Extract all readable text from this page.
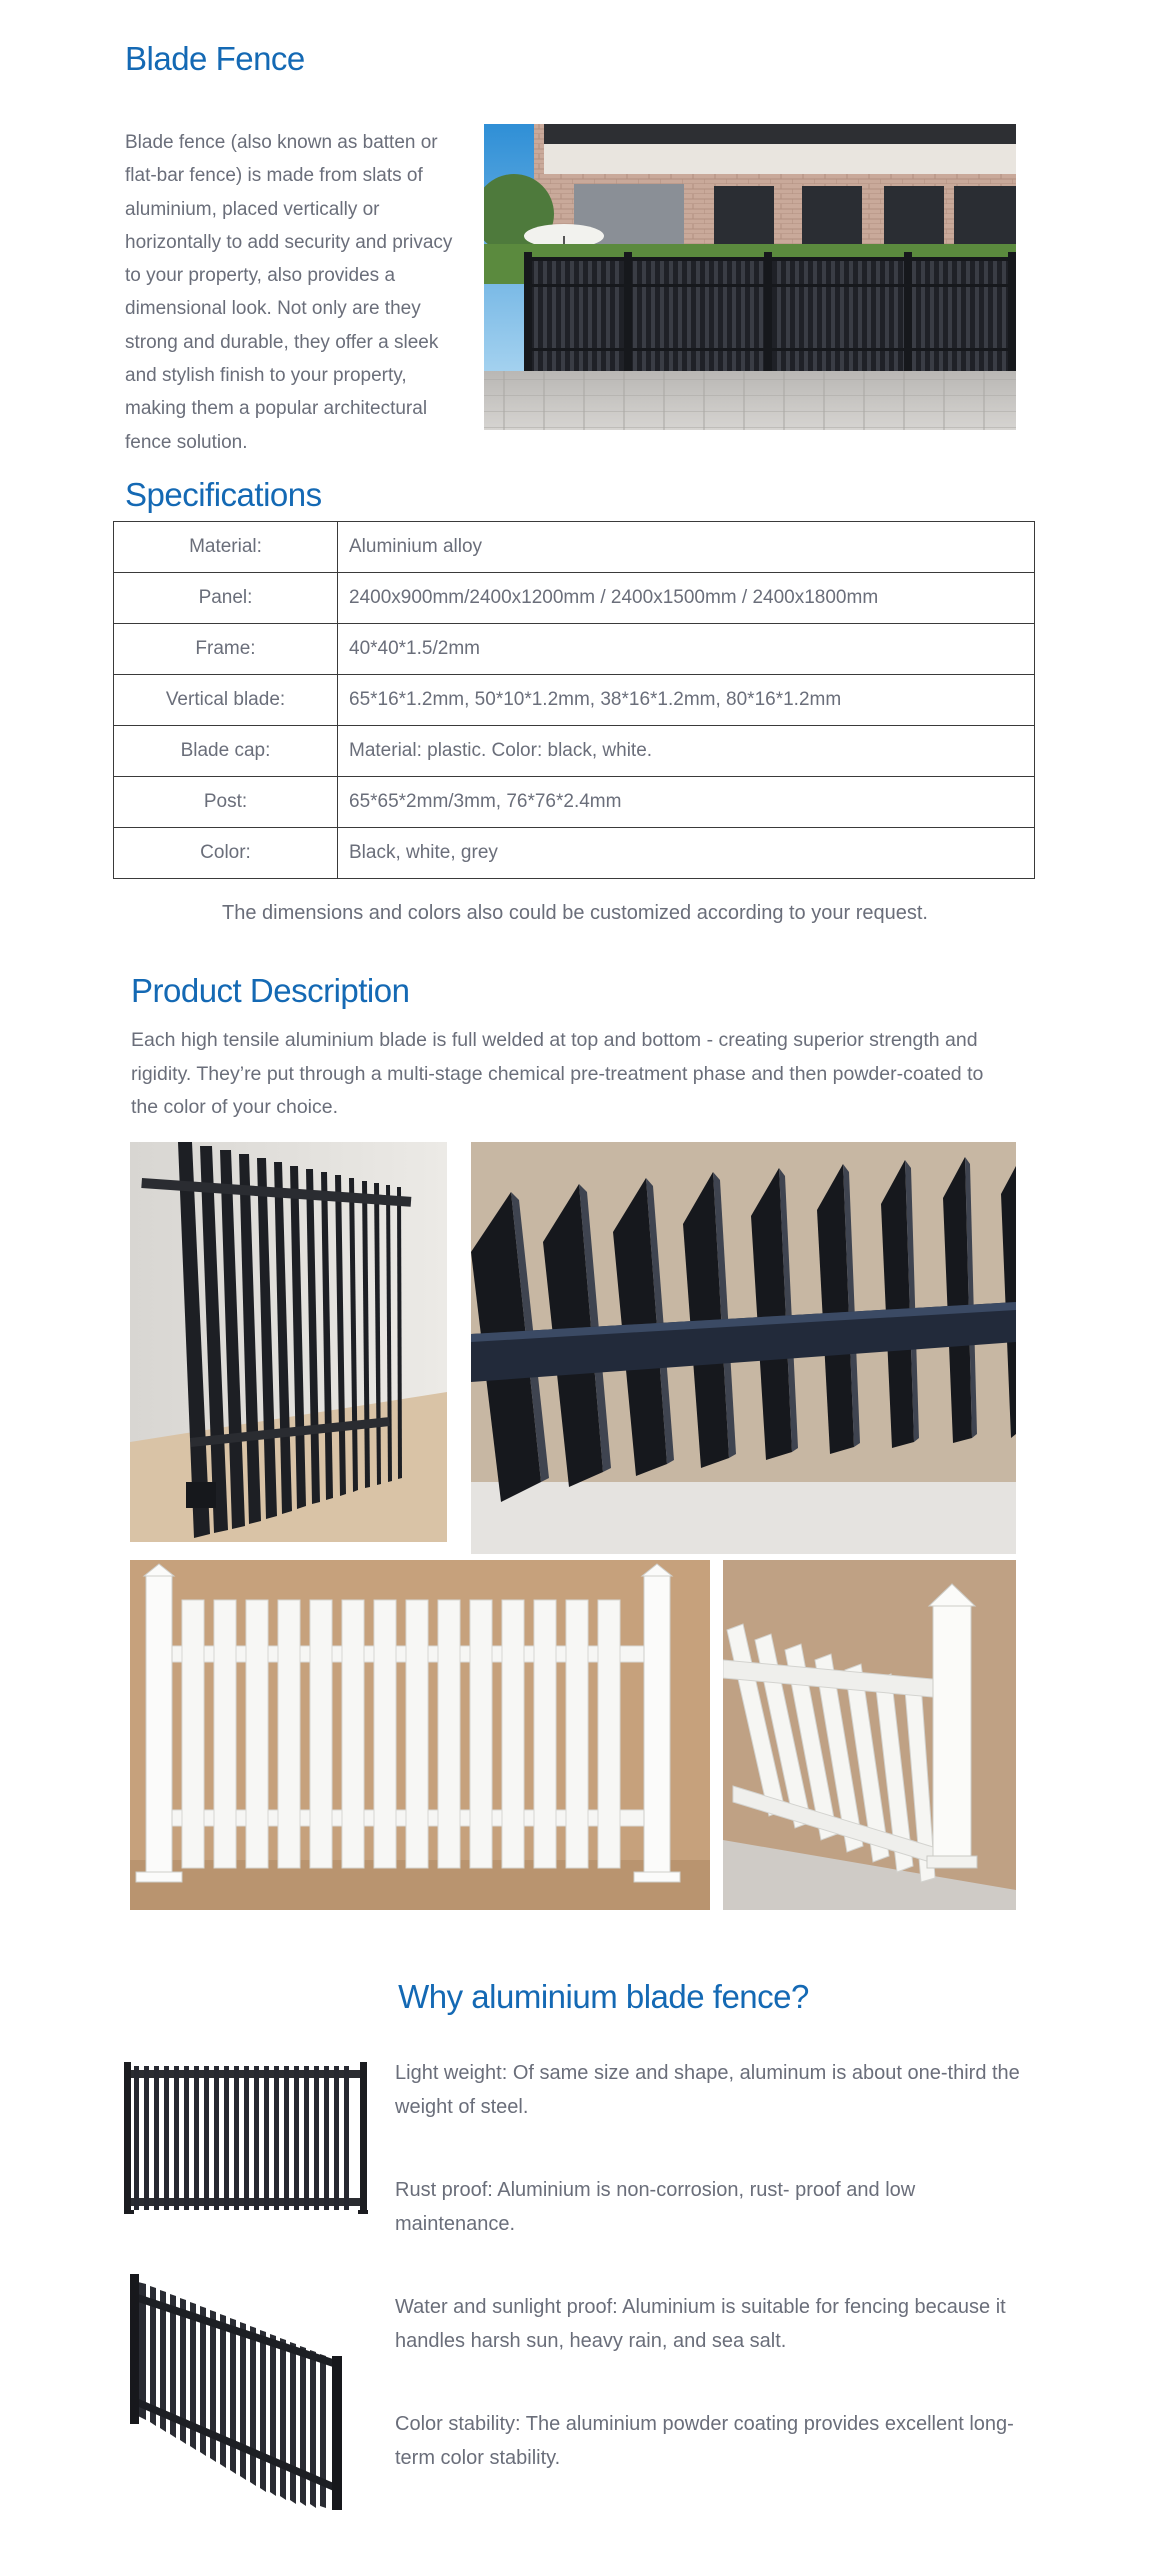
Blade Fence

Blade fence (also known as batten or flat-bar fence) is made from slats of aluminium, placed vertically or horizontally to add security and privacy to your property, also provides a dimensional look. Not only are they strong and durable, they offer a sleek and stylish finish to your property, making them a popular architectural fence solution.

Specifications
Material:	Aluminium alloy
Panel:	2400x900mm/2400x1200mm / 2400x1500mm / 2400x1800mm
Frame:	40*40*1.5/2mm
Vertical blade:	65*16*1.2mm, 50*10*1.2mm, 38*16*1.2mm, 80*16*1.2mm
Blade cap:	Material: plastic. Color: black, white.
Post:	65*65*2mm/3mm, 76*76*2.4mm
Color:	Black, white, grey

The dimensions and colors also could be customized according to your request.

Product Description

Each high tensile aluminium blade is full welded at top and bottom - creating superior strength and rigidity. They’re put through a multi-stage chemical pre-treatment phase and then powder-coated to the color of your choice.

Why aluminium blade fence?

Light weight: Of same size and shape, aluminum is about one-third the weight of steel.

Rust proof: Aluminium is non-corrosion, rust- proof and low maintenance.

Water and sunlight proof: Aluminium is suitable for fencing because it handles harsh sun, heavy rain, and sea salt.

Color stability: The aluminium powder coating provides excellent long-term color stability.
